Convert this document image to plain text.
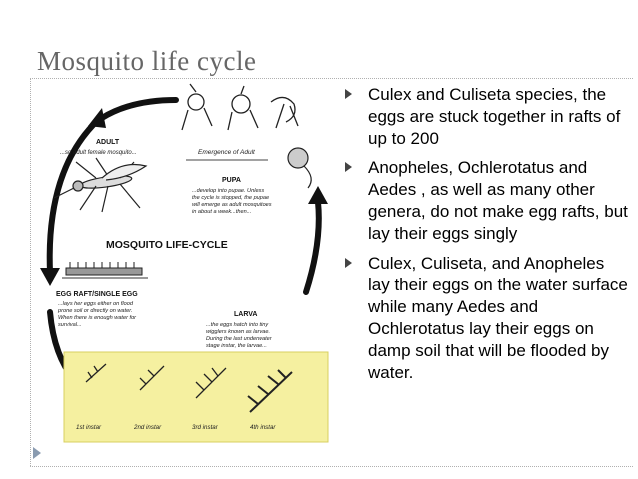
Mosquito life cycle
Emergence of Adult
ADULT
...so adult female mosquito...
PUPA
...develop into pupae. Unless the cycle is stopped, the pupae will emerge as adult mosquitoes in about a week...then...
MOSQUITO LIFE-CYCLE
EGG RAFT/SINGLE EGG
...lays her eggs either on flood prone soil or directly on water. When there is enough water for survival...
LARVA
...the eggs hatch into tiny wigglers known as larvae. During the last underwater stage instar, the larvae...
1st instar	2nd instar	3rd instar	4th instar
Culex and Culiseta species, the eggs are stuck together in rafts of up to 200
Anopheles, Ochlerotatus and Aedes , as well as many other genera, do not make egg rafts, but lay their eggs singly
Culex, Culiseta, and Anopheles lay their eggs on the water surface while many Aedes and Ochlerotatus lay their eggs on damp soil that will be flooded by water.
